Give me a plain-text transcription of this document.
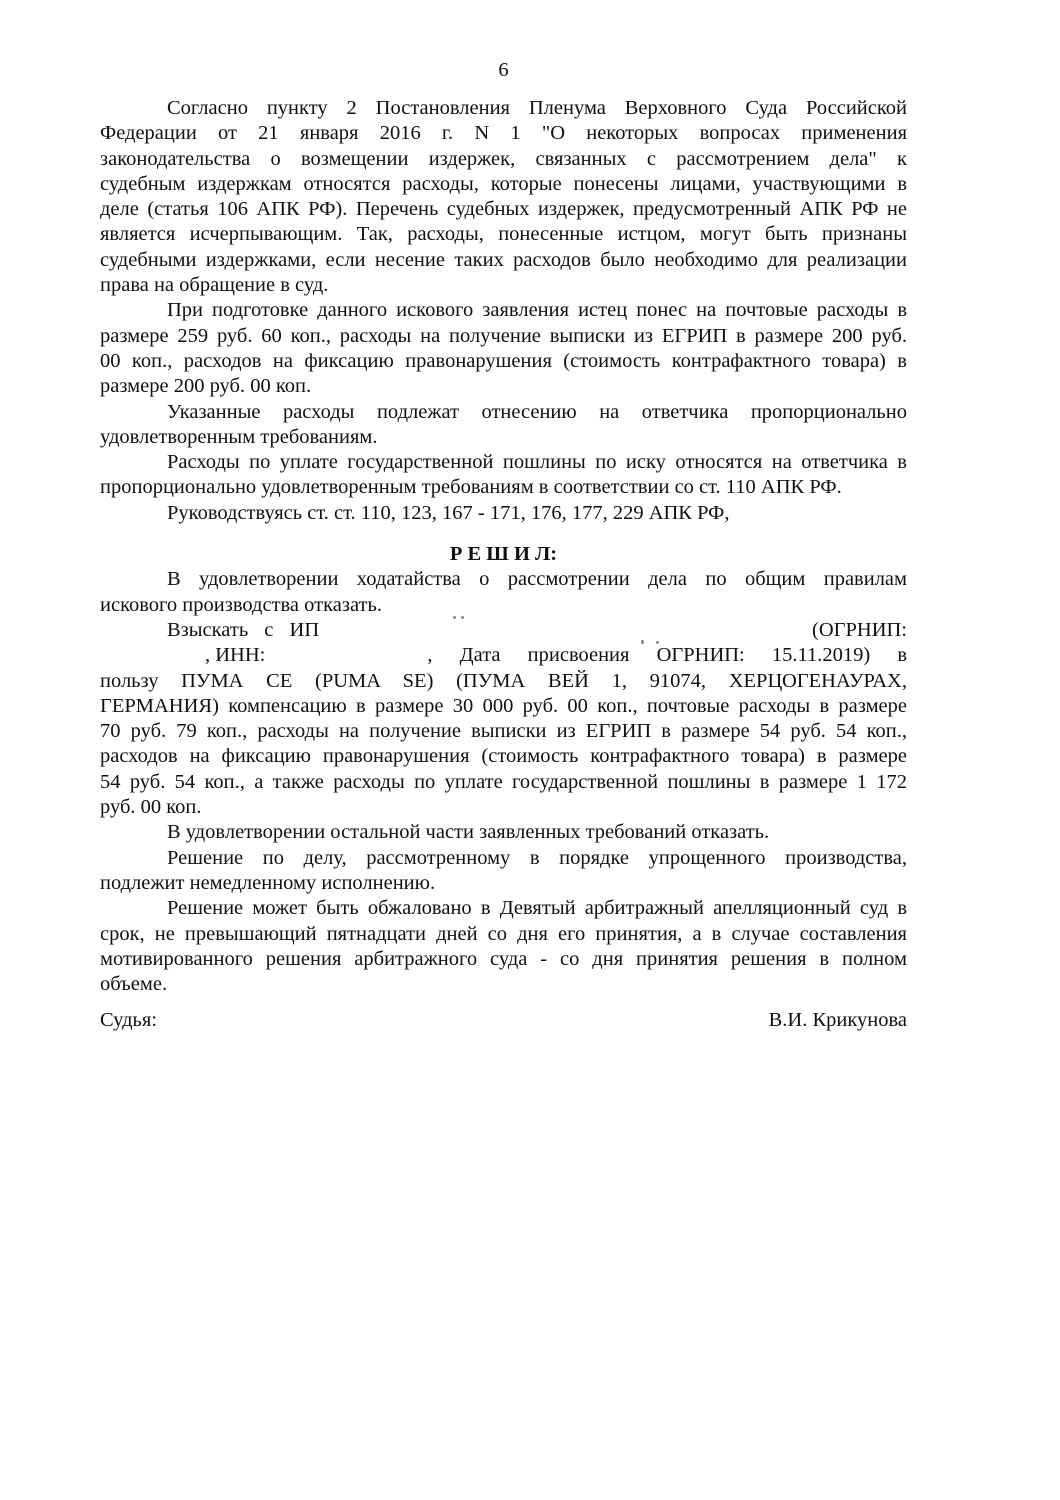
6
Согласно пункту 2 Постановления Пленума Верховного Суда Российской
Федерации от 21 января 2016 г. N 1 "О некоторых вопросах применения
законодательства о возмещении издержек, связанных с рассмотрением дела" к
судебным издержкам относятся расходы, которые понесены лицами, участвующими в
деле (статья 106 АПК РФ). Перечень судебных издержек, предусмотренный АПК РФ не
является исчерпывающим. Так, расходы, понесенные истцом, могут быть признаны
судебными издержками, если несение таких расходов было необходимо для реализации
права на обращение в суд.
При подготовке данного искового заявления истец понес на почтовые расходы в
размере 259 руб. 60 коп., расходы на получение выписки из ЕГРИП в размере 200 руб.
00 коп., расходов на фиксацию правонарушения (стоимость контрафактного товара) в
размере 200 руб. 00 коп.
Указанные расходы подлежат отнесению на ответчика пропорционально
удовлетворенным требованиям.
Расходы по уплате государственной пошлины по иску относятся на ответчика в
пропорционально удовлетворенным требованиям в соответствии со ст. 110 АПК РФ.
Руководствуясь ст. ст. 110, 123, 167 - 171, 176, 177, 229 АПК РФ,
Р Е Ш И Л:
В удовлетворении ходатайства о рассмотрении дела по общим правилам
искового производства отказать.
Взыскать с ИП	(ОГРНИП:
, ИНН:	, Дата присвоения ОГРНИП: 15.11.2019) в
пользу ПУМА СЕ (PUMA SE) (ПУМА ВЕЙ 1, 91074, ХЕРЦОГЕНАУРАХ,
ГЕРМАНИЯ) компенсацию в размере 30 000 руб. 00 коп., почтовые расходы в размере
70 руб. 79 коп., расходы на получение выписки из ЕГРИП в размере 54 руб. 54 коп.,
расходов на фиксацию правонарушения (стоимость контрафактного товара) в размере
54 руб. 54 коп., а также расходы по уплате государственной пошлины в размере 1 172
руб. 00 коп.
В удовлетворении остальной части заявленных требований отказать.
Решение по делу, рассмотренному в порядке упрощенного производства,
подлежит немедленному исполнению.
Решение может быть обжаловано в Девятый арбитражный апелляционный суд в
срок, не превышающий пятнадцати дней со дня его принятия, а в случае составления
мотивированного решения арбитражного суда - со дня принятия решения в полном
объеме.
Судья:	В.И. Крикунова
